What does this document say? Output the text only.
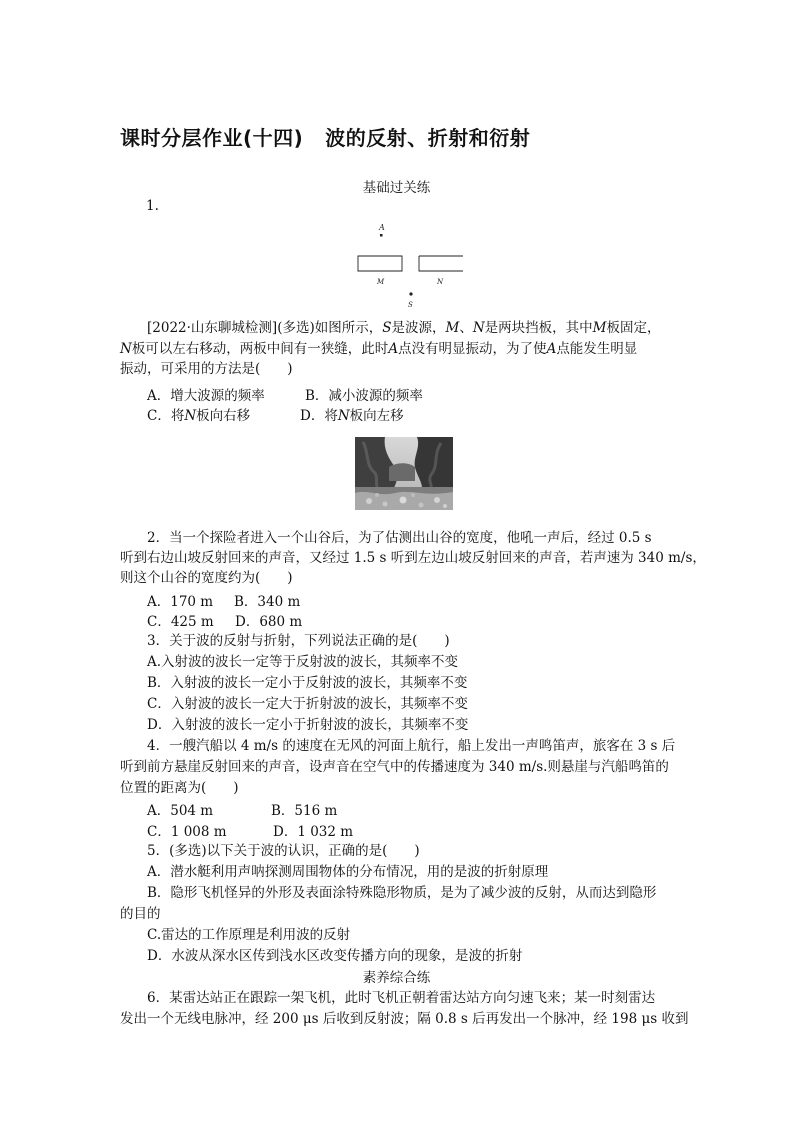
课时分层作业(十四) 波的反射、折射和衍射
基础过关练
1.
A
M	N
S
[2022·山东聊城检测](多选)如图所示，S是波源，M、N是两块挡板，其中M板固定，
N板可以左右移动，两板中间有一狭缝，此时A点没有明显振动，为了使A点能发生明显
振动，可采用的方法是(　　)
A．增大波源的频率	B．减小波源的频率
C．将N板向右移	D．将N板向左移
2．当一个探险者进入一个山谷后，为了估测出山谷的宽度，他吼一声后，经过 0.5 s
听到右边山坡反射回来的声音，又经过 1.5 s 听到左边山坡反射回来的声音，若声速为 340 m/s，
则这个山谷的宽度约为(　　)
A．170 m B．340 m
C．425 m D．680 m
3．关于波的反射与折射，下列说法正确的是(　　)
A.入射波的波长一定等于反射波的波长，其频率不变
B．入射波的波长一定小于反射波的波长，其频率不变
C．入射波的波长一定大于折射波的波长，其频率不变
D．入射波的波长一定小于折射波的波长，其频率不变
4．一艘汽船以 4 m/s 的速度在无风的河面上航行，船上发出一声鸣笛声，旅客在 3 s 后
听到前方悬崖反射回来的声音，设声音在空气中的传播速度为 340 m/s.则悬崖与汽船鸣笛的
位置的距离为(　　)
A．504 m	B．516 m
C．1 008 m	D．1 032 m
5．(多选)以下关于波的认识，正确的是(　　)
A．潜水艇利用声呐探测周围物体的分布情况，用的是波的折射原理
B．隐形飞机怪异的外形及表面涂特殊隐形物质，是为了减少波的反射，从而达到隐形
的目的
C.雷达的工作原理是利用波的反射
D．水波从深水区传到浅水区改变传播方向的现象，是波的折射
素养综合练
6．某雷达站正在跟踪一架飞机，此时飞机正朝着雷达站方向匀速飞来；某一时刻雷达
发出一个无线电脉冲，经 200 μs 后收到反射波；隔 0.8 s 后再发出一个脉冲，经 198 μs 收到
